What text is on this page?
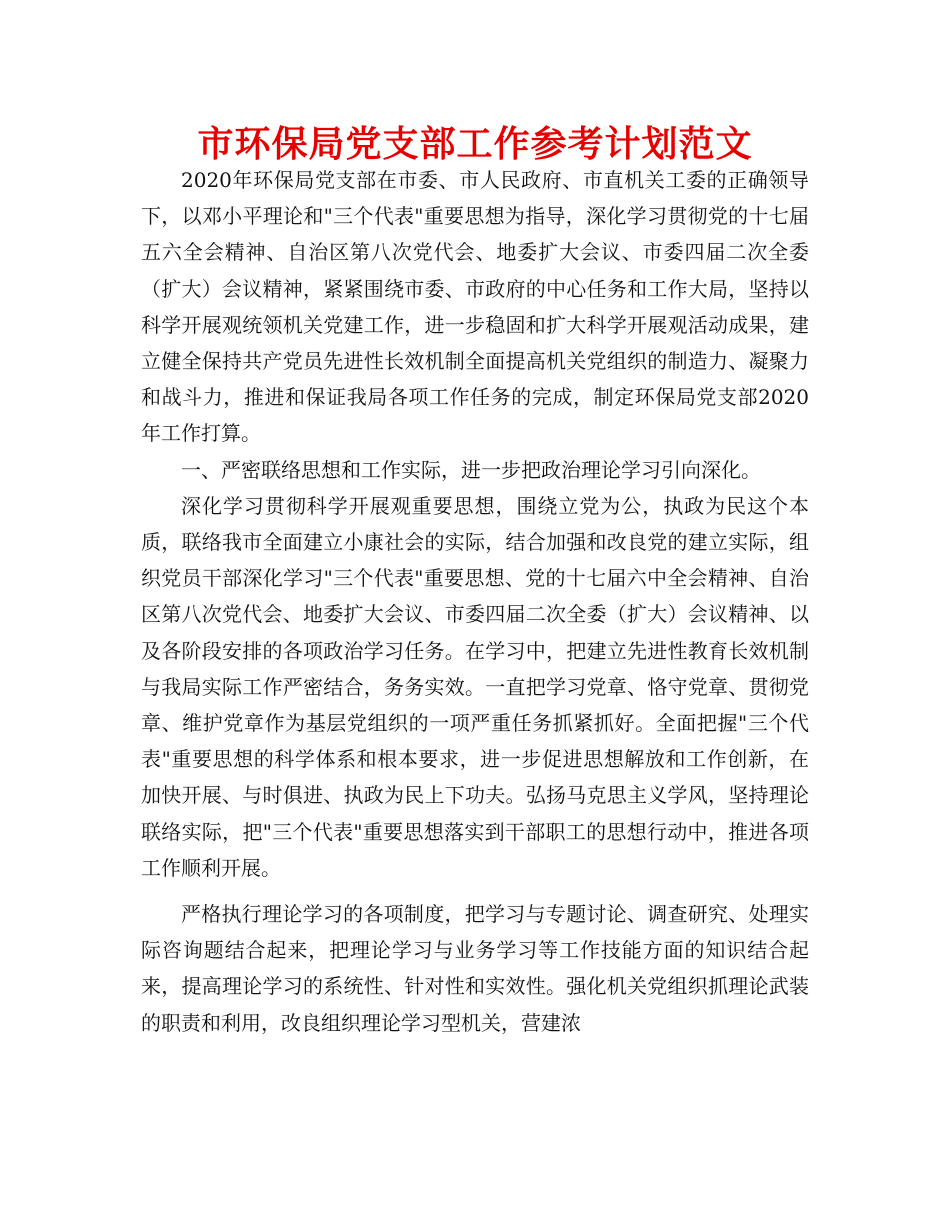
市环保局党支部工作参考计划范文

2020年环保局党支部在市委、市人民政府、市直机关工委的正确领导下，以邓小平理论和"三个代表"重要思想为指导，深化学习贯彻党的十七届五六全会精神、自治区第八次党代会、地委扩大会议、市委四届二次全委（扩大）会议精神，紧紧围绕市委、市政府的中心任务和工作大局，坚持以科学开展观统领机关党建工作，进一步稳固和扩大科学开展观活动成果，建立健全保持共产党员先进性长效机制全面提高机关党组织的制造力、凝聚力和战斗力，推进和保证我局各项工作任务的完成，制定环保局党支部2020年工作打算。

一、严密联络思想和工作实际，进一步把政治理论学习引向深化。

深化学习贯彻科学开展观重要思想，围绕立党为公，执政为民这个本质，联络我市全面建立小康社会的实际，结合加强和改良党的建立实际，组织党员干部深化学习"三个代表"重要思想、党的十七届六中全会精神、自治区第八次党代会、地委扩大会议、市委四届二次全委（扩大）会议精神、以及各阶段安排的各项政治学习任务。在学习中，把建立先进性教育长效机制与我局实际工作严密结合，务务实效。一直把学习党章、恪守党章、贯彻党章、维护党章作为基层党组织的一项严重任务抓紧抓好。全面把握"三个代表"重要思想的科学体系和根本要求，进一步促进思想解放和工作创新，在加快开展、与时俱进、执政为民上下功夫。弘扬马克思主义学风，坚持理论联络实际，把"三个代表"重要思想落实到干部职工的思想行动中，推进各项工作顺利开展。

严格执行理论学习的各项制度，把学习与专题讨论、调查研究、处理实际咨询题结合起来，把理论学习与业务学习等工作技能方面的知识结合起来，提高理论学习的系统性、针对性和实效性。强化机关党组织抓理论武装的职责和利用，改良组织理论学习型机关，营建浓
